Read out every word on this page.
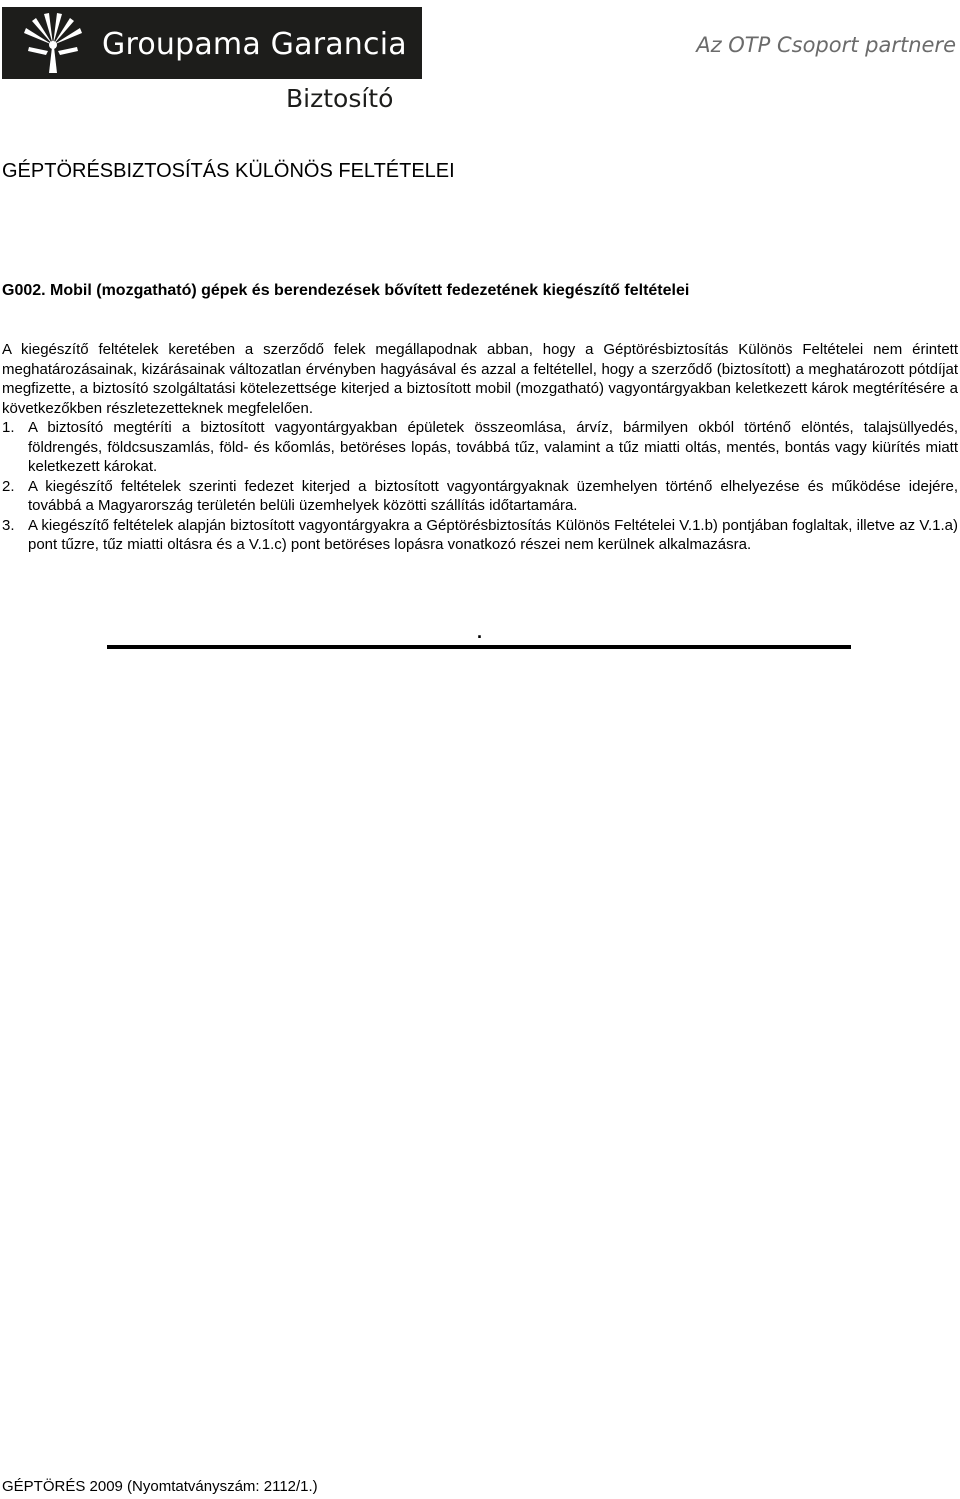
Groupama Garancia
Biztosító
Az OTP Csoport partnere
GÉPTÖRÉSBIZTOSÍTÁS KÜLÖNÖS FELTÉTELEI
G002. Mobil (mozgatható) gépek és berendezések bővített fedezetének kiegészítő feltételei

A kiegészítő feltételek keretében a szerződő felek megállapodnak abban, hogy a Géptörésbiztosítás Különös Feltételei nem érintett meghatározásainak, kizárásainak változatlan érvényben hagyásával és azzal a feltétellel, hogy a szerződő (biztosított) a meghatározott pótdíjat megfizette, a biztosító szolgáltatási kötelezettsége kiterjed a biztosított mobil (mozgatható) vagyontárgyakban keletkezett károk megtérítésére a következőkben részletezetteknek megfelelően.

1. A biztosító megtéríti a biztosított vagyontárgyakban épületek összeomlása, árvíz, bármilyen okból történő elöntés, talajsüllyedés, földrengés, földcsuszamlás, föld- és kőomlás, betöréses lopás, továbbá tűz, valamint a tűz miatti oltás, mentés, bontás vagy kiürítés miatt keletkezett károkat.
2. A kiegészítő feltételek szerinti fedezet kiterjed a biztosított vagyontárgyaknak üzemhelyen történő elhelyezése és működése idejére, továbbá a Magyarország területén belüli üzemhelyek közötti szállítás időtartamára.
3. A kiegészítő feltételek alapján biztosított vagyontárgyakra a Géptörésbiztosítás Különös Feltételei V.1.b) pontjában foglaltak, illetve az V.1.a) pont tűzre, tűz miatti oltásra és a V.1.c) pont betöréses lopásra vonatkozó részei nem kerülnek alkalmazásra.
.
GÉPTÖRÉS 2009 (Nyomtatványszám: 2112/1.)
